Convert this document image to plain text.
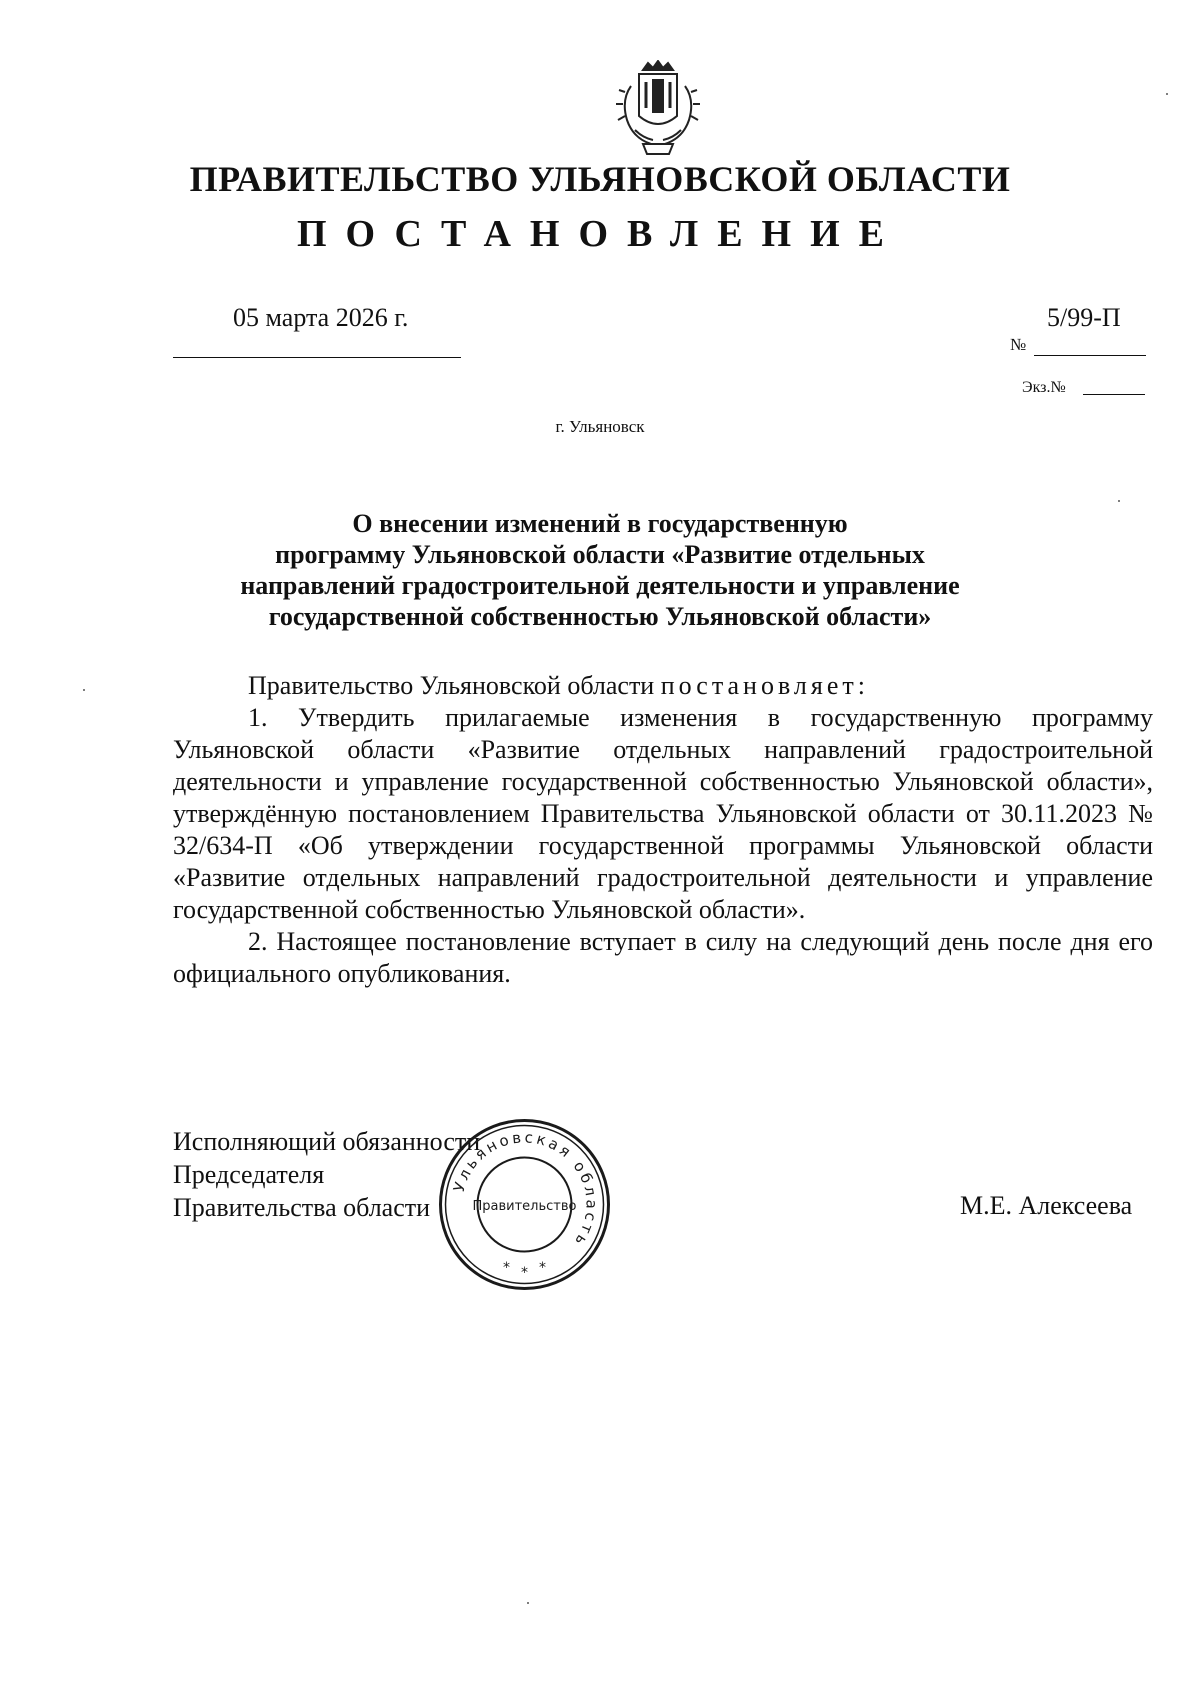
ПРАВИТЕЛЬСТВО УЛЬЯНОВСКОЙ ОБЛАСТИ
ПОСТАНОВЛЕНИЕ
05 марта 2026 г.	5/99-П
№
Экз.№
г. Ульяновск
О внесении изменений в государственную
программу Ульяновской области «Развитие отдельных
направлений градостроительной деятельности и управление
государственной собственностью Ульяновской области»

Правительство Ульяновской области постановляет:

1. Утвердить прилагаемые изменения в государственную программу Ульяновской области «Развитие отдельных направлений градостроительной деятельности и управление государственной собственностью Ульяновской области», утверждённую постановлением Правительства Ульяновской области от 30.11.2023 № 32/634-П «Об утверждении государственной программы Ульяновской области «Развитие отдельных направлений градостроительной деятельности и управление государственной собственностью Ульяновской области».

2. Настоящее постановление вступает в силу на следующий день после дня его официального опубликования.

Исполняющий обязанности
Председателя
Правительства области	М.Е. Алексеева
Ульяновская область
Правительство
* * *
